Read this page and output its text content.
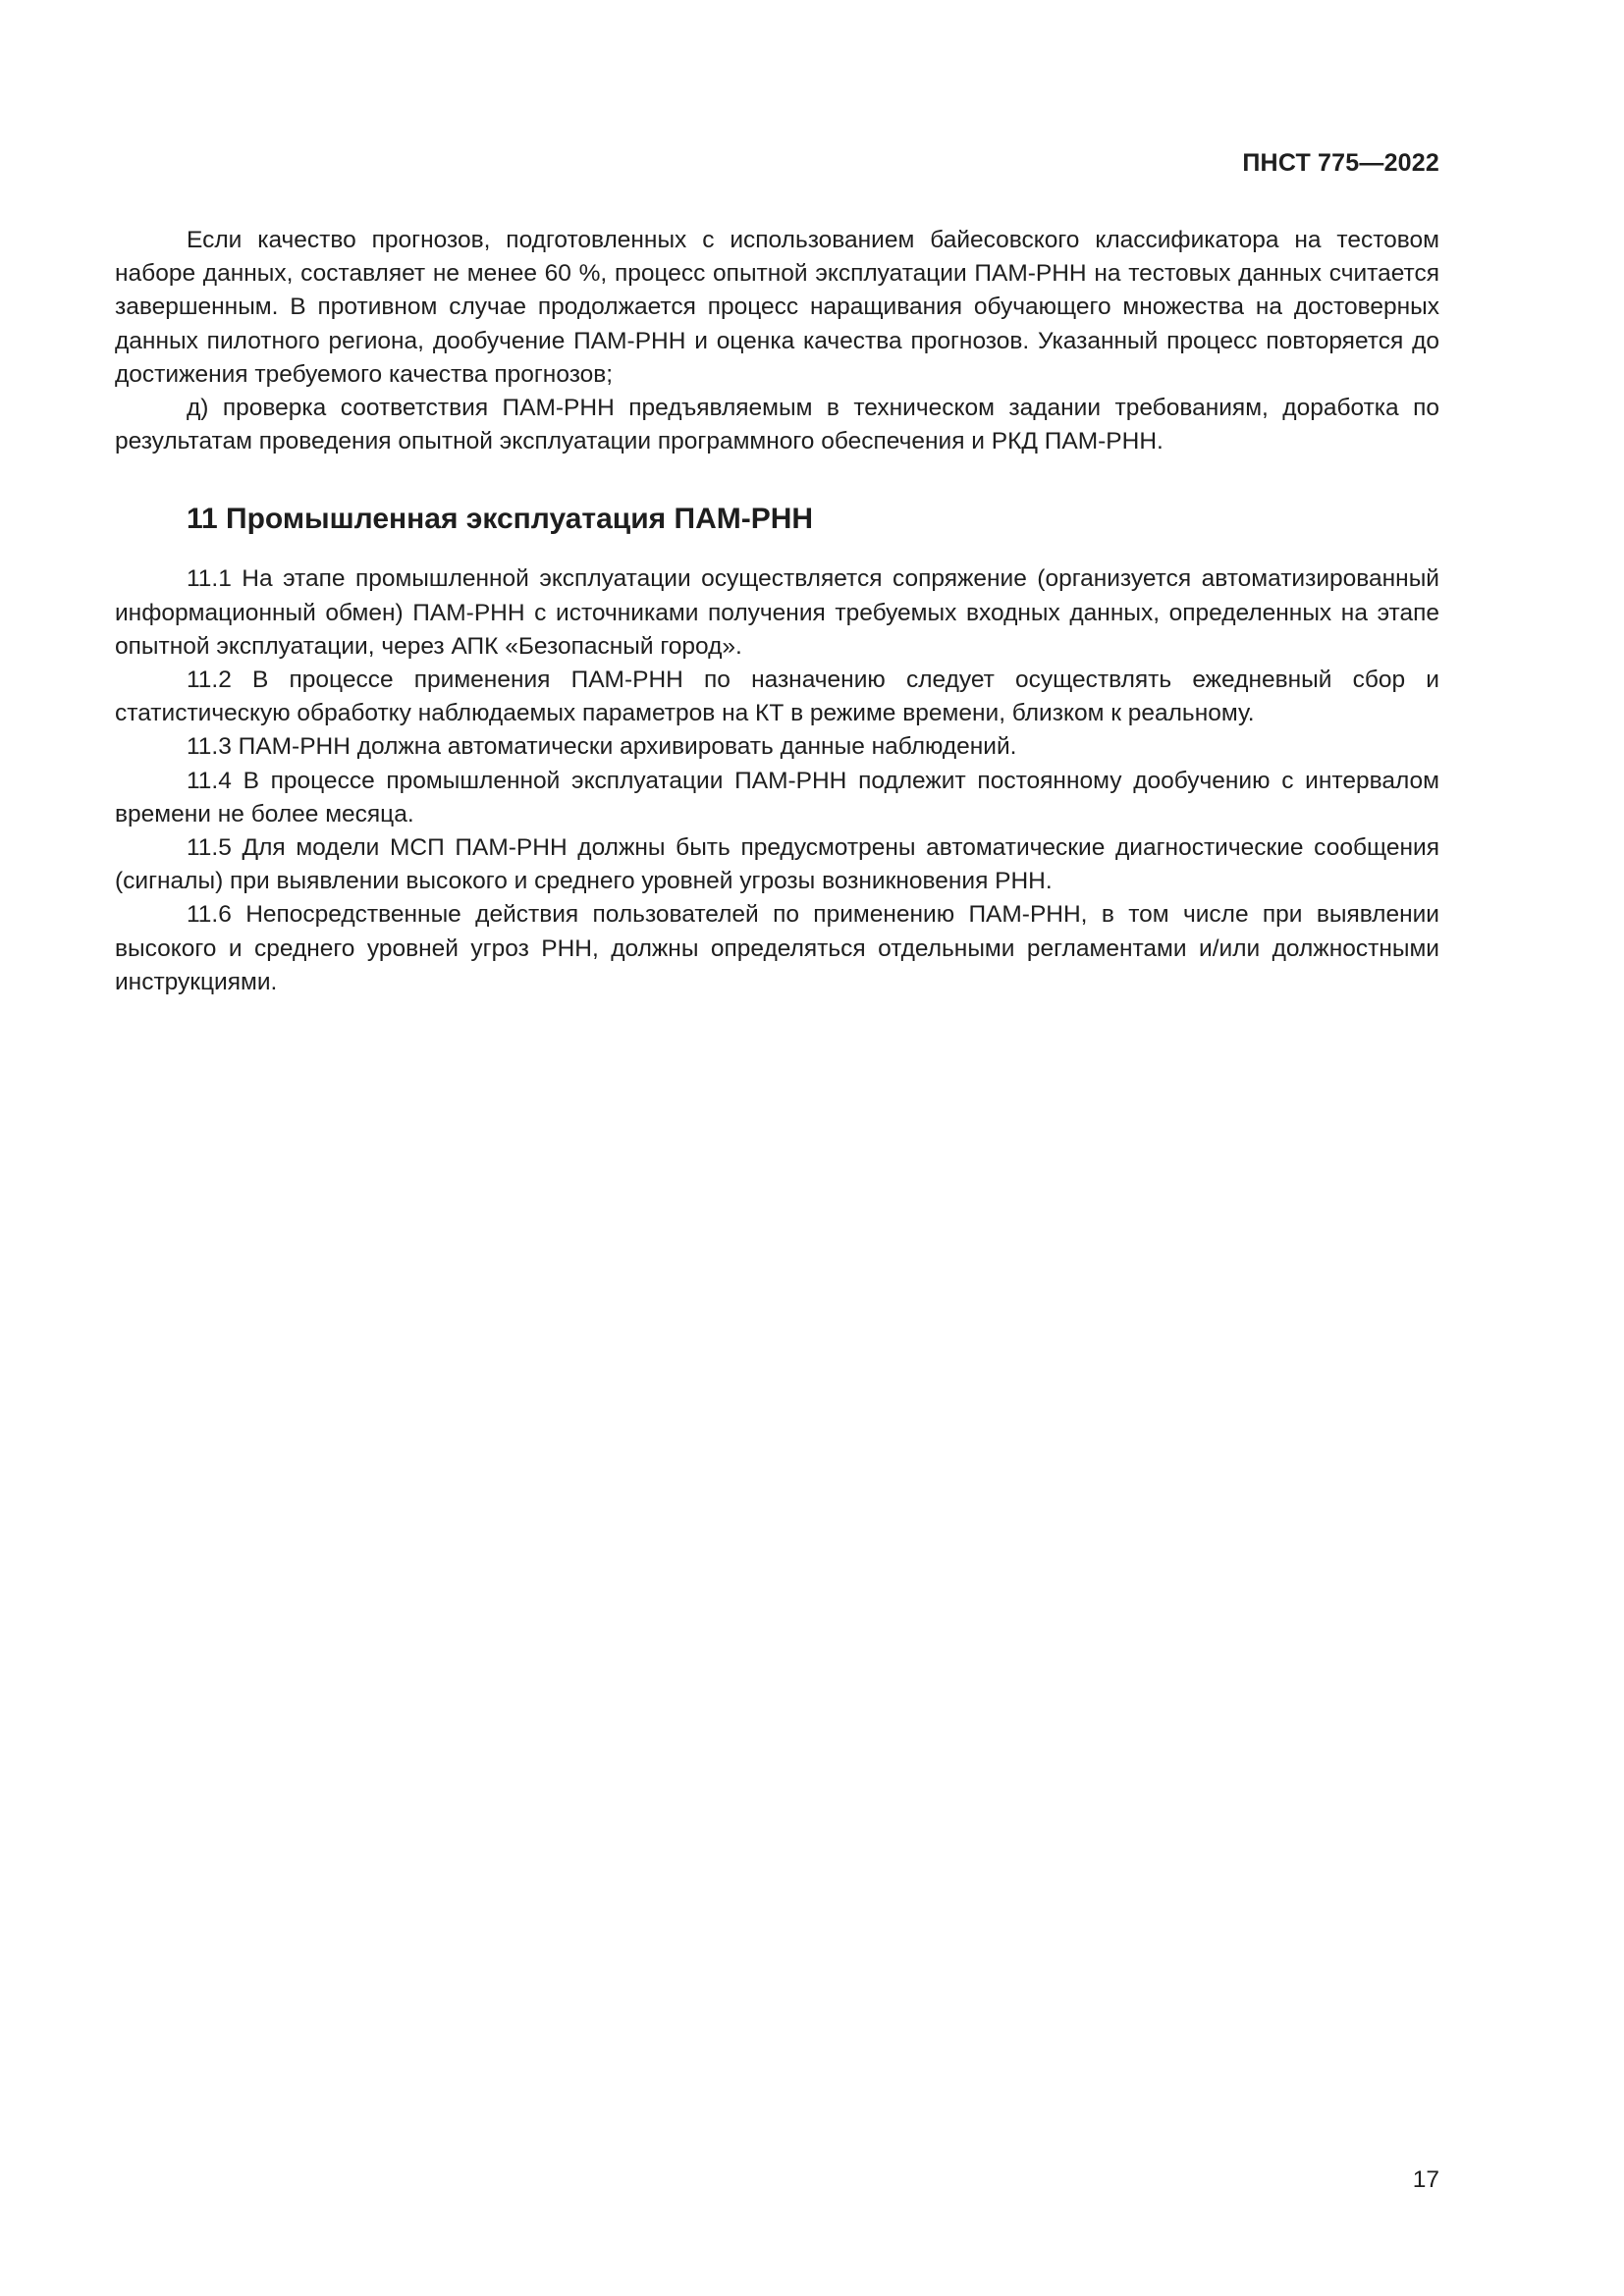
ПНСТ 775—2022

Если качество прогнозов, подготовленных с использованием байесовского классификатора на тестовом наборе данных, составляет не менее 60 %, процесс опытной эксплуатации ПАМ-РНН на тестовых данных считается завершенным. В противном случае продолжается процесс наращивания обучающего множества на достоверных данных пилотного региона, дообучение ПАМ-РНН и оценка качества прогнозов. Указанный процесс повторяется до достижения требуемого качества прогнозов;

д) проверка соответствия ПАМ-РНН предъявляемым в техническом задании требованиям, доработка по результатам проведения опытной эксплуатации программного обеспечения и РКД ПАМ-РНН.

11 Промышленная эксплуатация ПАМ-РНН

11.1 На этапе промышленной эксплуатации осуществляется сопряжение (организуется автоматизированный информационный обмен) ПАМ-РНН с источниками получения требуемых входных данных, определенных на этапе опытной эксплуатации, через АПК «Безопасный город».

11.2 В процессе применения ПАМ-РНН по назначению следует осуществлять ежедневный сбор и статистическую обработку наблюдаемых параметров на КТ в режиме времени, близком к реальному.

11.3 ПАМ-РНН должна автоматически архивировать данные наблюдений.

11.4 В процессе промышленной эксплуатации ПАМ-РНН подлежит постоянному дообучению с интервалом времени не более месяца.

11.5 Для модели МСП ПАМ-РНН должны быть предусмотрены автоматические диагностические сообщения (сигналы) при выявлении высокого и среднего уровней угрозы возникновения РНН.

11.6 Непосредственные действия пользователей по применению ПАМ-РНН, в том числе при выявлении высокого и среднего уровней угроз РНН, должны определяться отдельными регламентами и/или должностными инструкциями.

17
